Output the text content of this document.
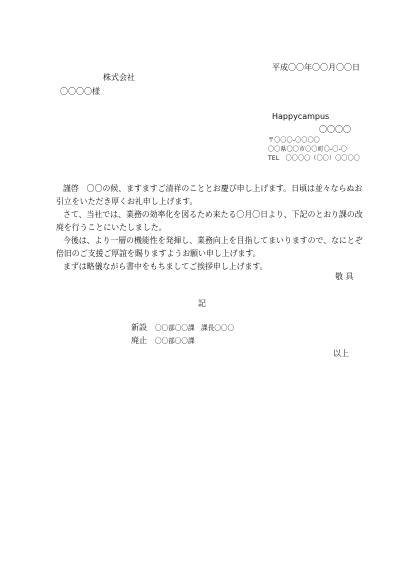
平成〇〇年〇〇月〇〇日
株式会社
〇〇〇〇様
Happycampus
〇〇〇〇
〒〇〇〇-〇〇〇〇
〇〇県〇〇市〇〇町〇-〇-〇
TEL　〇〇〇〇（〇〇）〇〇〇〇
謹啓　〇〇の候、ますますご清祥のこととお慶び申し上げます。日頃は並々ならぬお
引立をいただき厚くお礼申し上げます。
さて、当社では、業務の効率化を図るため来たる〇月〇日より、下記のとおり課の改
廃を行うことにいたしました。
今後は、より一層の機能性を発揮し、業務向上を目指してまいりますので、なにとぞ
倍旧のご支援ご厚誼を賜りますようお願い申し上げます。
まずは略儀ながら書中をもちましてご挨拶申し上げます。
敬 具
記
新設 〇〇部〇〇課　課長〇〇〇
廃止 〇〇部〇〇課
以上
